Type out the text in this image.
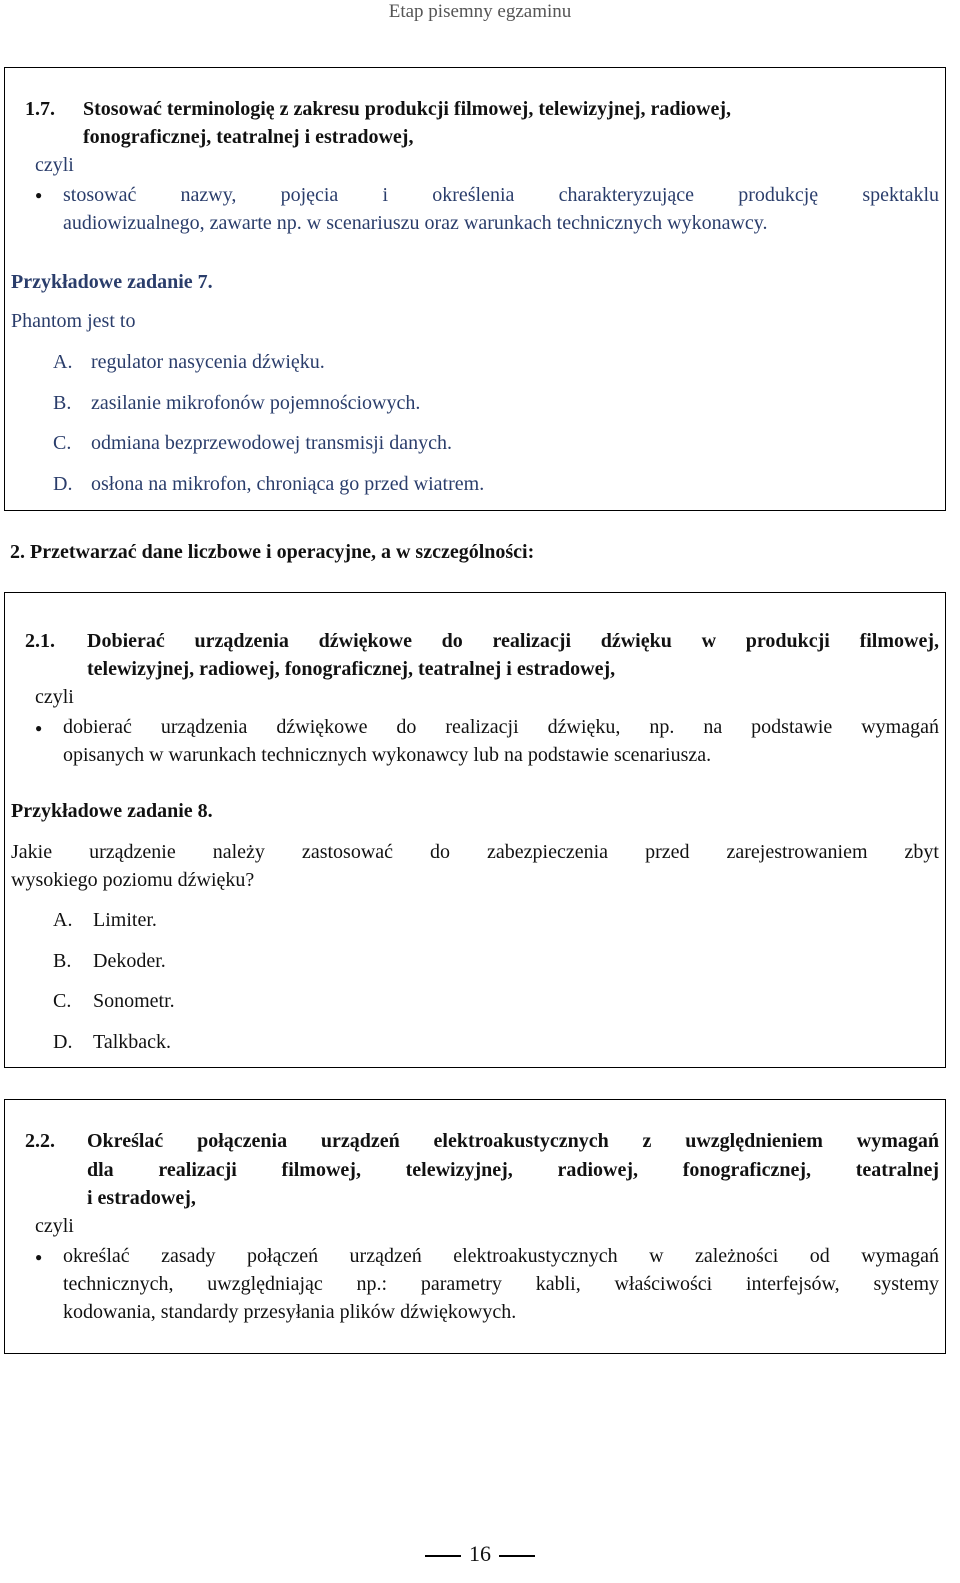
Etap pisemny egzaminu
1.7. Stosować terminologię z zakresu produkcji filmowej, telewizyjnej, radiowej,
fonograficznej, teatralnej i estradowej,
czyli
● stosować nazwy, pojęcia i określenia charakteryzujące produkcję spektaklu
audiowizualnego, zawarte np. w scenariuszu oraz warunkach technicznych wykonawcy.
Przykładowe zadanie 7.
Phantom jest to
A. regulator nasycenia dźwięku.
B. zasilanie mikrofonów pojemnościowych.
C. odmiana bezprzewodowej transmisji danych.
D. osłona na mikrofon, chroniąca go przed wiatrem.
2. Przetwarzać dane liczbowe i operacyjne, a w szczególności:
2.1. Dobierać urządzenia dźwiękowe do realizacji dźwięku w produkcji filmowej,
telewizyjnej, radiowej, fonograficznej, teatralnej i estradowej,
czyli
● dobierać urządzenia dźwiękowe do realizacji dźwięku, np. na podstawie wymagań
opisanych w warunkach technicznych wykonawcy lub na podstawie scenariusza.
Przykładowe zadanie 8.
Jakie urządzenie należy zastosować do zabezpieczenia przed zarejestrowaniem zbyt
wysokiego poziomu dźwięku?
A. Limiter.
B. Dekoder.
C. Sonometr.
D. Talkback.
2.2. Określać połączenia urządzeń elektroakustycznych z uwzględnieniem wymagań
dla realizacji filmowej, telewizyjnej, radiowej, fonograficznej, teatralnej
i estradowej,
czyli
● określać zasady połączeń urządzeń elektroakustycznych w zależności od wymagań
technicznych, uwzględniając np.: parametry kabli, właściwości interfejsów, systemy
kodowania, standardy przesyłania plików dźwiękowych.
16
